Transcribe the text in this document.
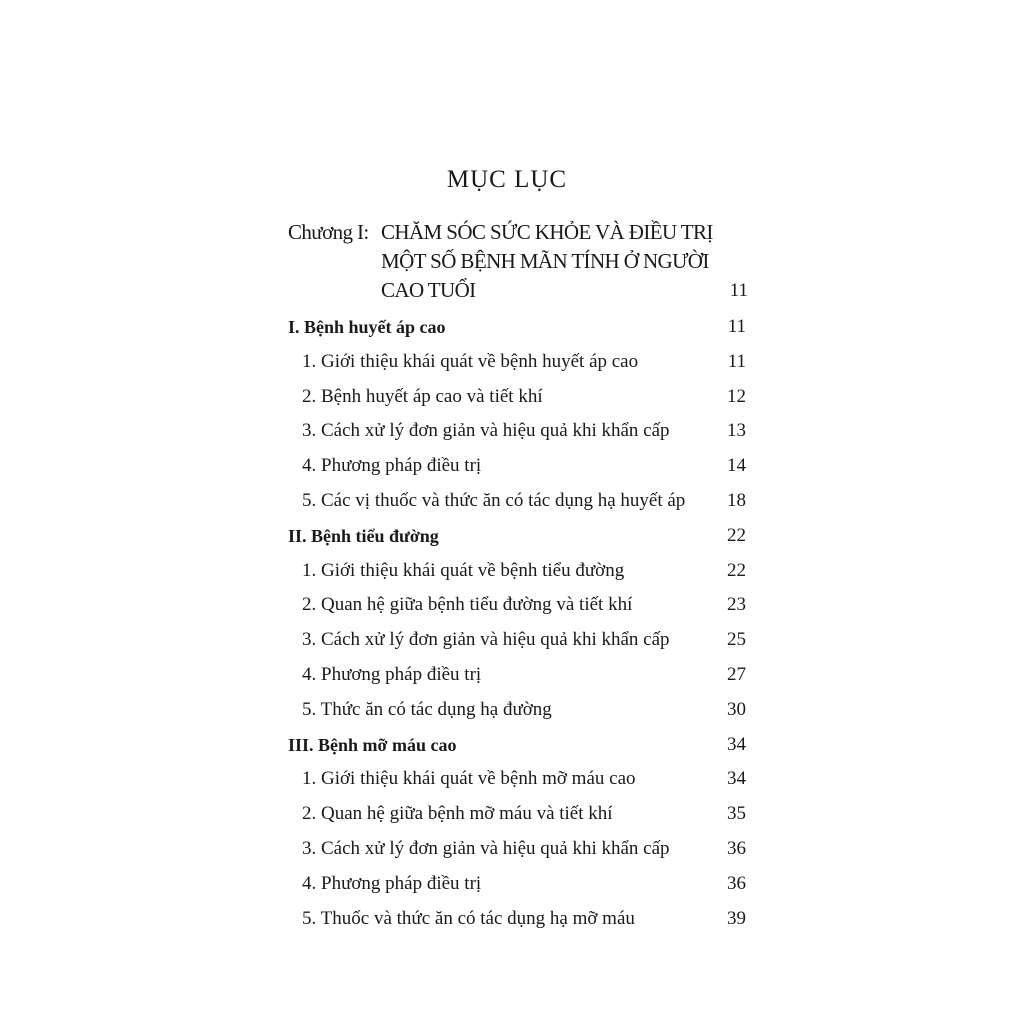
MỤC LỤC
Chương I: CHĂM SÓC SỨC KHỎE VÀ ĐIỀU TRỊ
MỘT SỐ BỆNH MÃN TÍNH Ở NGƯỜI
CAO TUỔI	11
I. Bệnh huyết áp cao	11
1. Giới thiệu khái quát về bệnh huyết áp cao	11
2. Bệnh huyết áp cao và tiết khí	12
3. Cách xử lý đơn giản và hiệu quả khi khẩn cấp	13
4. Phương pháp điều trị	14
5. Các vị thuốc và thức ăn có tác dụng hạ huyết áp 18
II. Bệnh tiểu đường	22
1. Giới thiệu khái quát về bệnh tiểu đường	22
2. Quan hệ giữa bệnh tiểu đường và tiết khí	23
3. Cách xử lý đơn giản và hiệu quả khi khẩn cấp	25
4. Phương pháp điều trị	27
5. Thức ăn có tác dụng hạ đường	30
III. Bệnh mỡ máu cao	34
1. Giới thiệu khái quát về bệnh mỡ máu cao	34
2. Quan hệ giữa bệnh mỡ máu và tiết khí	35
3. Cách xử lý đơn giản và hiệu quả khi khẩn cấp	36
4. Phương pháp điều trị	36
5. Thuốc và thức ăn có tác dụng hạ mỡ máu	39
